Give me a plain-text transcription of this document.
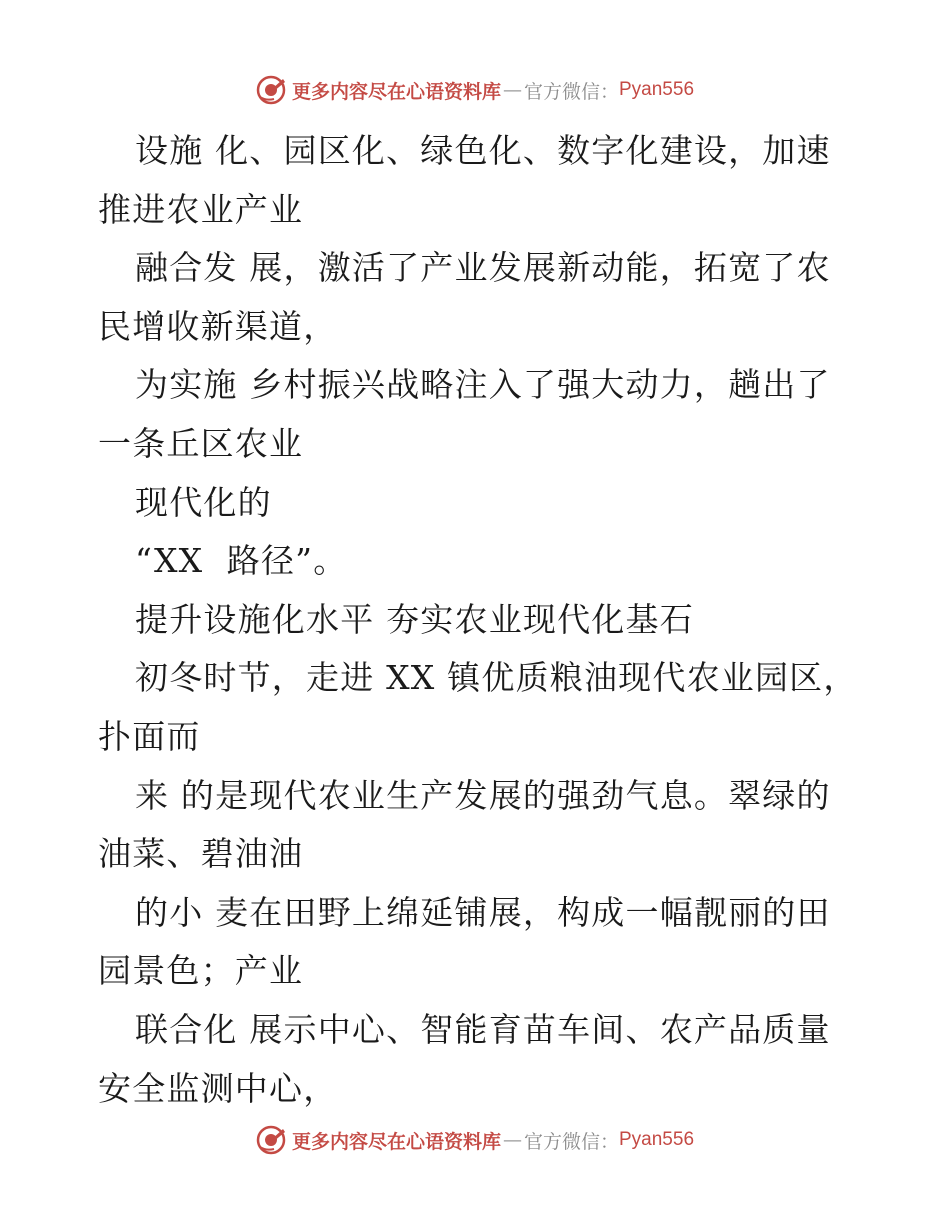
更多内容尽在心语资料库 — 官方微信： Pyan556
设施 化、园区化、绿色化、数字化建设，加速
推进农业产业
融合发 展，激活了产业发展新动能，拓宽了农
民增收新渠道，
为实施 乡村振兴战略注入了强大动力，趟出了
一条丘区农业
现代化的
“XX  路径”。
提升设施化水平 夯实农业现代化基石
初冬时节，走进 XX 镇优质粮油现代农业园区，
扑面而
来 的是现代农业生产发展的强劲气息。翠绿的
油菜、碧油油
的小 麦在田野上绵延铺展，构成一幅靓丽的田
园景色；产业
联合化 展示中心、智能育苗车间、农产品质量
安全监测中心，
更多内容尽在心语资料库 — 官方微信： Pyan556
